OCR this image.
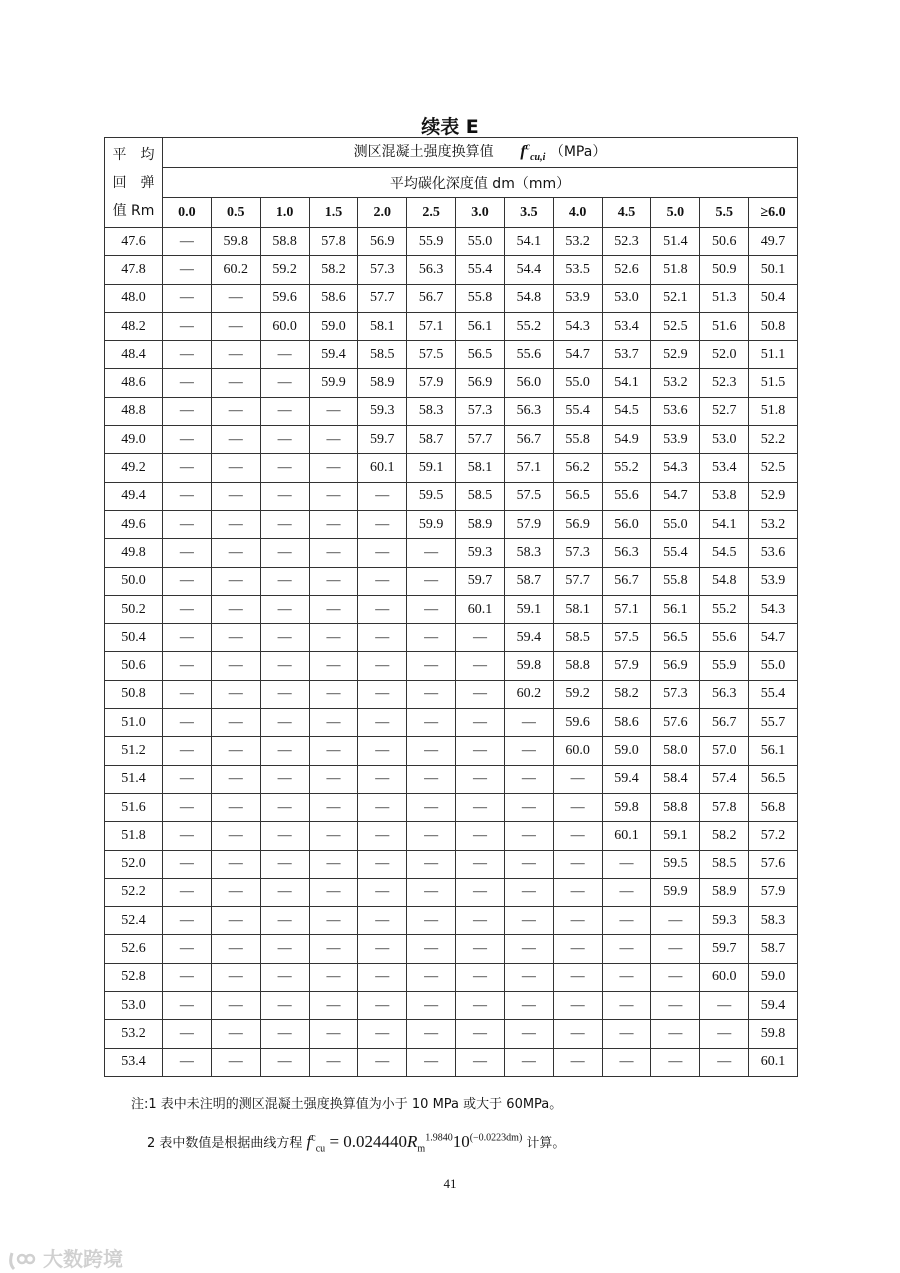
续表 E
平　均
回　弹
值 Rm	测区混凝土强度换算值 $f^c_{cu,i}$ （MPa）												
	平均碳化深度值 dm（mm）												
	0.0	0.5	1.0	1.5	2.0	2.5	3.0	3.5	4.0	4.5	5.0	5.5	≥6.0
47.6	—	59.8	58.8	57.8	56.9	55.9	55.0	54.1	53.2	52.3	51.4	50.6	49.7
47.8	—	60.2	59.2	58.2	57.3	56.3	55.4	54.4	53.5	52.6	51.8	50.9	50.1
48.0	—	—	59.6	58.6	57.7	56.7	55.8	54.8	53.9	53.0	52.1	51.3	50.4
48.2	—	—	60.0	59.0	58.1	57.1	56.1	55.2	54.3	53.4	52.5	51.6	50.8
48.4	—	—	—	59.4	58.5	57.5	56.5	55.6	54.7	53.7	52.9	52.0	51.1
48.6	—	—	—	59.9	58.9	57.9	56.9	56.0	55.0	54.1	53.2	52.3	51.5
48.8	—	—	—	—	59.3	58.3	57.3	56.3	55.4	54.5	53.6	52.7	51.8
49.0	—	—	—	—	59.7	58.7	57.7	56.7	55.8	54.9	53.9	53.0	52.2
49.2	—	—	—	—	60.1	59.1	58.1	57.1	56.2	55.2	54.3	53.4	52.5
49.4	—	—	—	—	—	59.5	58.5	57.5	56.5	55.6	54.7	53.8	52.9
49.6	—	—	—	—	—	59.9	58.9	57.9	56.9	56.0	55.0	54.1	53.2
49.8	—	—	—	—	—	—	59.3	58.3	57.3	56.3	55.4	54.5	53.6
50.0	—	—	—	—	—	—	59.7	58.7	57.7	56.7	55.8	54.8	53.9
50.2	—	—	—	—	—	—	60.1	59.1	58.1	57.1	56.1	55.2	54.3
50.4	—	—	—	—	—	—	—	59.4	58.5	57.5	56.5	55.6	54.7
50.6	—	—	—	—	—	—	—	59.8	58.8	57.9	56.9	55.9	55.0
50.8	—	—	—	—	—	—	—	60.2	59.2	58.2	57.3	56.3	55.4
51.0	—	—	—	—	—	—	—	—	59.6	58.6	57.6	56.7	55.7
51.2	—	—	—	—	—	—	—	—	60.0	59.0	58.0	57.0	56.1
51.4	—	—	—	—	—	—	—	—	—	59.4	58.4	57.4	56.5
51.6	—	—	—	—	—	—	—	—	—	59.8	58.8	57.8	56.8
51.8	—	—	—	—	—	—	—	—	—	60.1	59.1	58.2	57.2
52.0	—	—	—	—	—	—	—	—	—	—	59.5	58.5	57.6
52.2	—	—	—	—	—	—	—	—	—	—	59.9	58.9	57.9
52.4	—	—	—	—	—	—	—	—	—	—	—	59.3	58.3
52.6	—	—	—	—	—	—	—	—	—	—	—	59.7	58.7
52.8	—	—	—	—	—	—	—	—	—	—	—	60.0	59.0
53.0	—	—	—	—	—	—	—	—	—	—	—	—	59.4
53.2	—	—	—	—	—	—	—	—	—	—	—	—	59.8
53.4	—	—	—	—	—	—	—	—	—	—	—	—	60.1
注:1 表中未注明的测区混凝土强度换算值为小于 10 MPa 或大于 60MPa。
2 表中数值是根据曲线方程 $f^c_{cu} = 0.024440R_m^{1.9840}10^{(-0.0223dm)}$ 计算。
41
大数跨境
